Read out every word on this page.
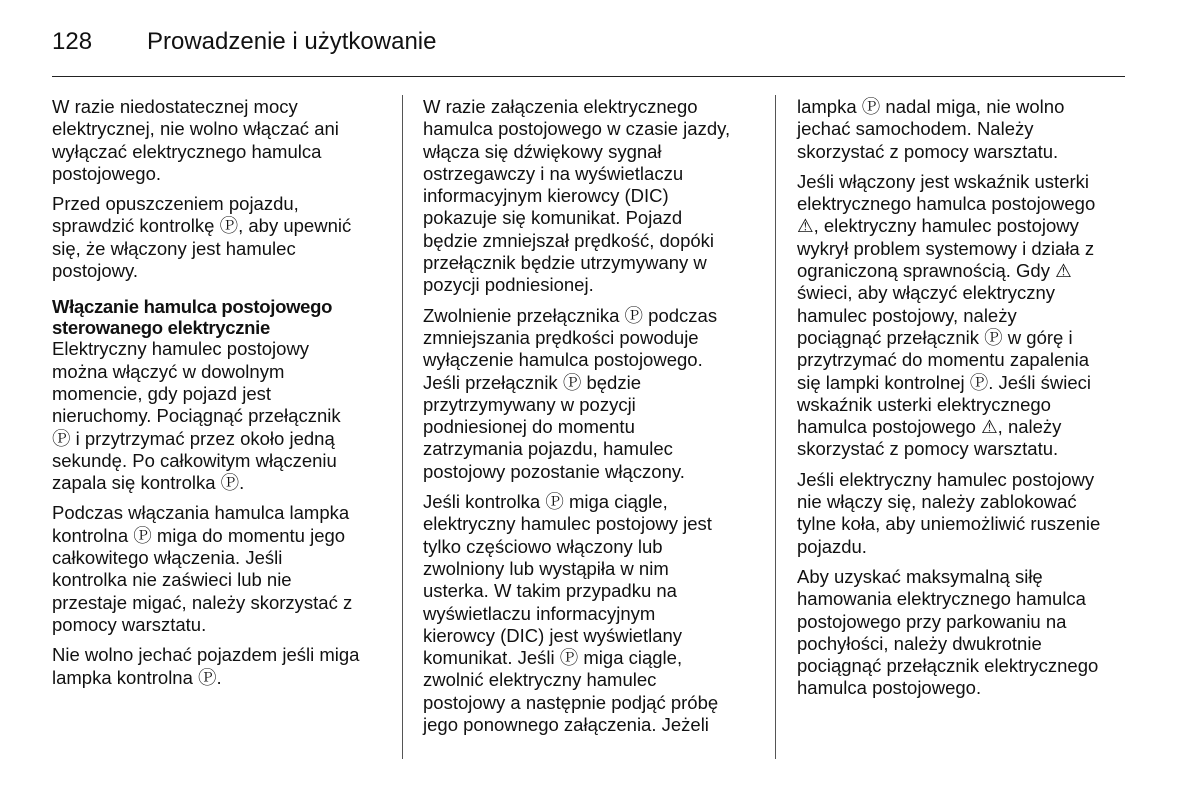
128 Prowadzenie i użytkowanie

W razie niedostatecznej mocy
elektrycznej, nie wolno włączać ani
wyłączać elektrycznego hamulca
postojowego.

Przed opuszczeniem pojazdu,
sprawdzić kontrolkę Ⓟ, aby upewnić
się, że włączony jest hamulec
postojowy.

Włączanie hamulca postojowego
sterowanego elektrycznie

Elektryczny hamulec postojowy
można włączyć w dowolnym
momencie, gdy pojazd jest
nieruchomy. Pociągnąć przełącznik
Ⓟ i przytrzymać przez około jedną
sekundę. Po całkowitym włączeniu
zapala się kontrolka Ⓟ.

Podczas włączania hamulca lampka
kontrolna Ⓟ miga do momentu jego
całkowitego włączenia. Jeśli
kontrolka nie zaświeci lub nie
przestaje migać, należy skorzystać z
pomocy warsztatu.

Nie wolno jechać pojazdem jeśli miga
lampka kontrolna Ⓟ.

W razie załączenia elektrycznego
hamulca postojowego w czasie jazdy,
włącza się dźwiękowy sygnał
ostrzegawczy i na wyświetlaczu
informacyjnym kierowcy (DIC)
pokazuje się komunikat. Pojazd
będzie zmniejszał prędkość, dopóki
przełącznik będzie utrzymywany w
pozycji podniesionej.

Zwolnienie przełącznika Ⓟ podczas
zmniejszania prędkości powoduje
wyłączenie hamulca postojowego.
Jeśli przełącznik Ⓟ będzie
przytrzymywany w pozycji
podniesionej do momentu
zatrzymania pojazdu, hamulec
postojowy pozostanie włączony.

Jeśli kontrolka Ⓟ miga ciągle,
elektryczny hamulec postojowy jest
tylko częściowo włączony lub
zwolniony lub wystąpiła w nim
usterka. W takim przypadku na
wyświetlaczu informacyjnym
kierowcy (DIC) jest wyświetlany
komunikat. Jeśli Ⓟ miga ciągle,
zwolnić elektryczny hamulec
postojowy a następnie podjąć próbę
jego ponownego załączenia. Jeżeli

lampka Ⓟ nadal miga, nie wolno
jechać samochodem. Należy
skorzystać z pomocy warsztatu.

Jeśli włączony jest wskaźnik usterki
elektrycznego hamulca postojowego
⚠, elektryczny hamulec postojowy
wykrył problem systemowy i działa z
ograniczoną sprawnością. Gdy ⚠
świeci, aby włączyć elektryczny
hamulec postojowy, należy
pociągnąć przełącznik Ⓟ w górę i
przytrzymać do momentu zapalenia
się lampki kontrolnej Ⓟ. Jeśli świeci
wskaźnik usterki elektrycznego
hamulca postojowego ⚠, należy
skorzystać z pomocy warsztatu.

Jeśli elektryczny hamulec postojowy
nie włączy się, należy zablokować
tylne koła, aby uniemożliwić ruszenie
pojazdu.

Aby uzyskać maksymalną siłę
hamowania elektrycznego hamulca
postojowego przy parkowaniu na
pochyłości, należy dwukrotnie
pociągnąć przełącznik elektrycznego
hamulca postojowego.
